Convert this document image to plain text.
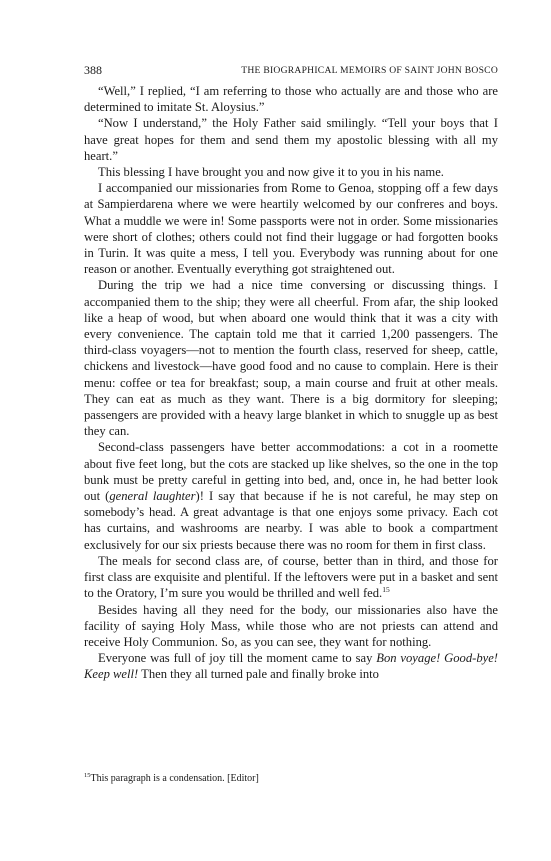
388	THE BIOGRAPHICAL MEMOIRS OF SAINT JOHN BOSCO

“Well,” I replied, “I am referring to those who actually are and those who are determined to imitate St. Aloysius.”

“Now I understand,” the Holy Father said smilingly. “Tell your boys that I have great hopes for them and send them my apostolic blessing with all my heart.”

This blessing I have brought you and now give it to you in his name.

I accompanied our missionaries from Rome to Genoa, stopping off a few days at Sampierdarena where we were heartily welcomed by our confreres and boys. What a muddle we were in! Some passports were not in order. Some missionaries were short of clothes; others could not find their luggage or had forgotten books in Turin. It was quite a mess, I tell you. Everybody was running about for one reason or another. Eventually everything got straightened out.

During the trip we had a nice time conversing or discussing things. I accompanied them to the ship; they were all cheerful. From afar, the ship looked like a heap of wood, but when aboard one would think that it was a city with every convenience. The captain told me that it carried 1,200 passengers. The third-class voyagers—not to mention the fourth class, reserved for sheep, cattle, chickens and livestock—have good food and no cause to complain. Here is their menu: coffee or tea for breakfast; soup, a main course and fruit at other meals. They can eat as much as they want. There is a big dormitory for sleeping; passengers are provided with a heavy large blanket in which to snuggle up as best they can.

Second-class passengers have better accommodations: a cot in a roomette about five feet long, but the cots are stacked up like shelves, so the one in the top bunk must be pretty careful in getting into bed, and, once in, he had better look out (general laughter)! I say that because if he is not careful, he may step on somebody’s head. A great advantage is that one enjoys some privacy. Each cot has curtains, and washrooms are nearby. I was able to book a compartment exclusively for our six priests because there was no room for them in first class.

The meals for second class are, of course, better than in third, and those for first class are exquisite and plentiful. If the leftovers were put in a basket and sent to the Oratory, I’m sure you would be thrilled and well fed.$^{15}$

Besides having all they need for the body, our missionaries also have the facility of saying Holy Mass, while those who are not priests can attend and receive Holy Communion. So, as you can see, they want for nothing.

Everyone was full of joy till the moment came to say Bon voyage! Good-bye! Keep well! Then they all turned pale and finally broke into

$^{15}$This paragraph is a condensation. [Editor]
